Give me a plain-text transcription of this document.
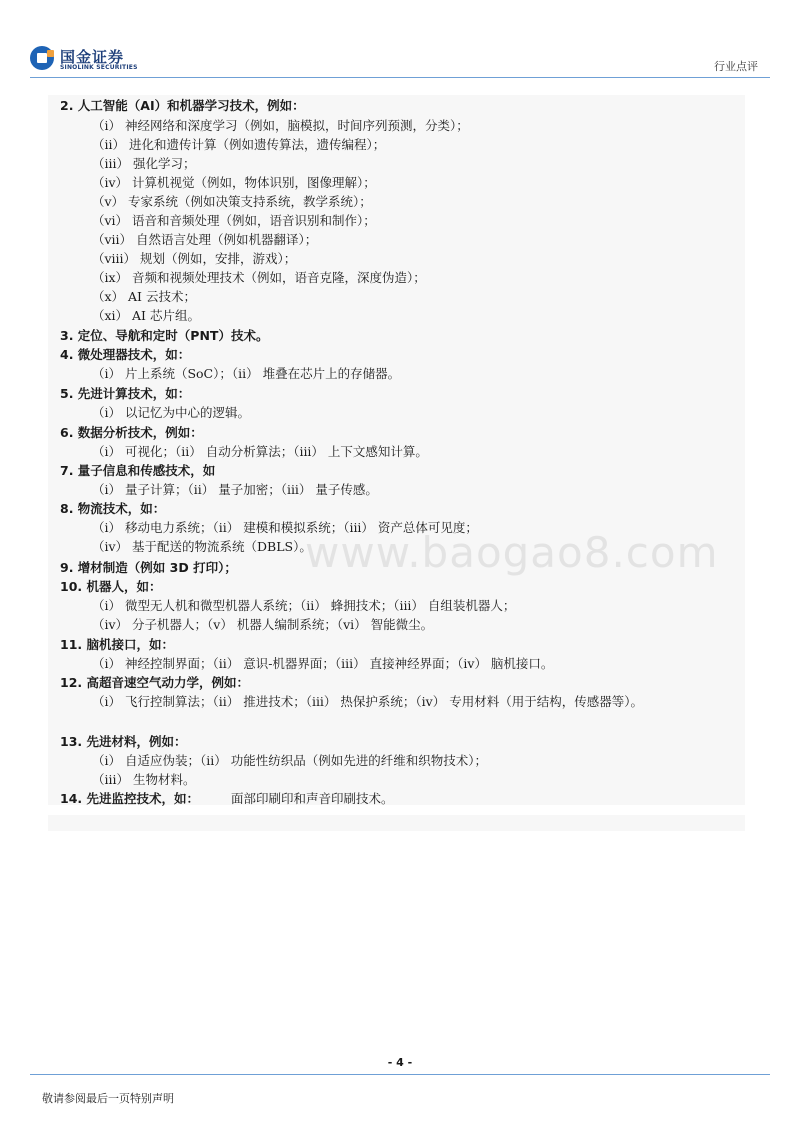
国金证券
SINOLINK SECURITIES	行业点评
www.baogao8.com
2. 人工智能（AI）和机器学习技术，例如：
（i） 神经网络和深度学习（例如，脑模拟，时间序列预测，分类）；
（ii） 进化和遗传计算（例如遗传算法，遗传编程）；
（iii） 强化学习；
（iv） 计算机视觉（例如，物体识别，图像理解）；
（v） 专家系统（例如决策支持系统，教学系统）；
（vi） 语音和音频处理（例如，语音识别和制作）；
（vii） 自然语言处理（例如机器翻译）；
（viii） 规划（例如，安排，游戏）；
（ix） 音频和视频处理技术（例如，语音克隆，深度伪造）；
（x） AI 云技术；
（xi） AI 芯片组。
3. 定位、导航和定时（PNT）技术。
4. 微处理器技术，如：
（i） 片上系统（SoC）；（ii） 堆叠在芯片上的存储器。
5. 先进计算技术，如：
（i） 以记忆为中心的逻辑。
6. 数据分析技术，例如：
（i） 可视化；（ii） 自动分析算法；（iii） 上下文感知计算。
7. 量子信息和传感技术，如
（i） 量子计算；（ii） 量子加密；（iii） 量子传感。
8. 物流技术，如：
（i） 移动电力系统；（ii） 建模和模拟系统；（iii） 资产总体可见度；
（iv） 基于配送的物流系统（DBLS）。
9. 增材制造（例如 3D 打印）；
10. 机器人，如：
（i） 微型无人机和微型机器人系统；（ii） 蜂拥技术；（iii） 自组装机器人；
（iv） 分子机器人；（v） 机器人编制系统；（vi） 智能微尘。
11. 脑机接口，如：
（i） 神经控制界面；（ii） 意识-机器界面；（iii） 直接神经界面；（iv） 脑机接口。
12. 高超音速空气动力学，例如：
（i） 飞行控制算法；（ii） 推进技术；（iii） 热保护系统；（iv） 专用材料（用于结构，传感器等）。
13. 先进材料，例如：
（i） 自适应伪装；（ii） 功能性纺织品（例如先进的纤维和织物技术）；
（iii） 生物材料。
14. 先进监控技术，如：	面部印刷印和声音印刷技术。
- 4 -
敬请参阅最后一页特别声明
